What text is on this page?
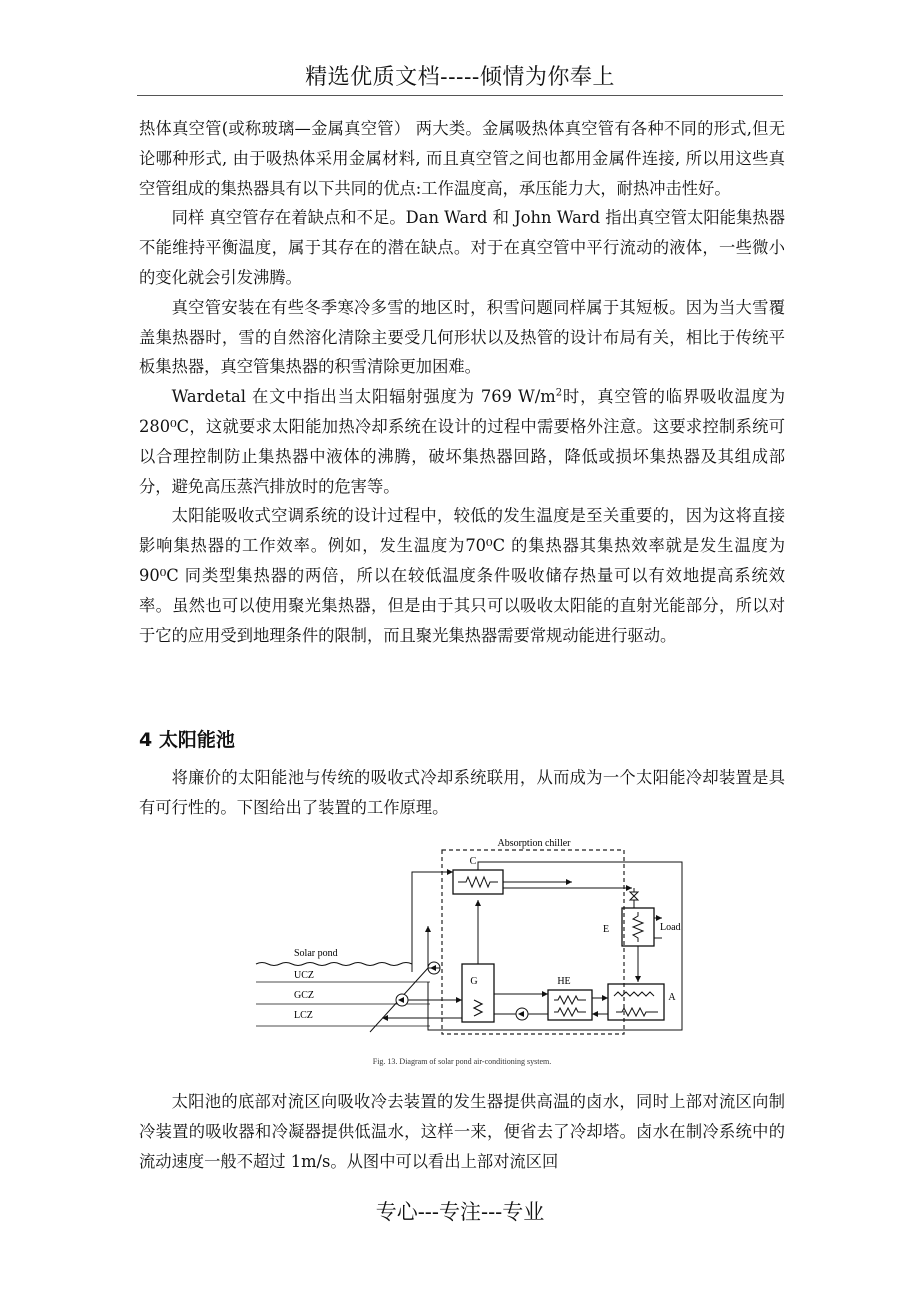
精选优质文档-----倾情为你奉上

热体真空管(或称玻璃—金属真空管） 两大类。金属吸热体真空管有各种不同的形式,但无论哪种形式, 由于吸热体采用金属材料, 而且真空管之间也都用金属件连接, 所以用这些真空管组成的集热器具有以下共同的优点:工作温度高，承压能力大，耐热冲击性好。

同样 真空管存在着缺点和不足。Dan Ward 和 John Ward 指出真空管太阳能集热器不能维持平衡温度，属于其存在的潜在缺点。对于在真空管中平行流动的液体，一些微小的变化就会引发沸腾。

真空管安装在有些冬季寒冷多雪的地区时，积雪问题同样属于其短板。因为当大雪覆盖集热器时，雪的自然溶化清除主要受几何形状以及热管的设计布局有关，相比于传统平板集热器，真空管集热器的积雪清除更加困难。

Wardetal 在文中指出当太阳辐射强度为 769 $W/m^2$时，真空管的临界吸收温度为 280⁰C，这就要求太阳能加热冷却系统在设计的过程中需要格外注意。这要求控制系统可以合理控制防止集热器中液体的沸腾，破坏集热器回路，降低或损坏集热器及其组成部分，避免高压蒸汽排放时的危害等。

太阳能吸收式空调系统的设计过程中，较低的发生温度是至关重要的，因为这将直接影响集热器的工作效率。例如，发生温度为70⁰C 的集热器其集热效率就是发生温度为 90⁰C 同类型集热器的两倍，所以在较低温度条件吸收储存热量可以有效地提高系统效率。虽然也可以使用聚光集热器，但是由于其只可以吸收太阳能的直射光能部分，所以对于它的应用受到地理条件的限制，而且聚光集热器需要常规动能进行驱动。

4 太阳能池

将廉价的太阳能池与传统的吸收式冷却系统联用，从而成为一个太阳能冷却装置是具有可行性的。下图给出了装置的工作原理。

Absorption chiller
C
E	Load
G	HE
A
Solar pond
UCZ
GCZ
LCZ
Fig. 13. Diagram of solar pond air-conditioning system.

太阳池的底部对流区向吸收冷去装置的发生器提供高温的卤水，同时上部对流区向制冷装置的吸收器和冷凝器提供低温水，这样一来，便省去了冷却塔。卤水在制冷系统中的流动速度一般不超过 1m/s。从图中可以看出上部对流区回

专心---专注---专业
